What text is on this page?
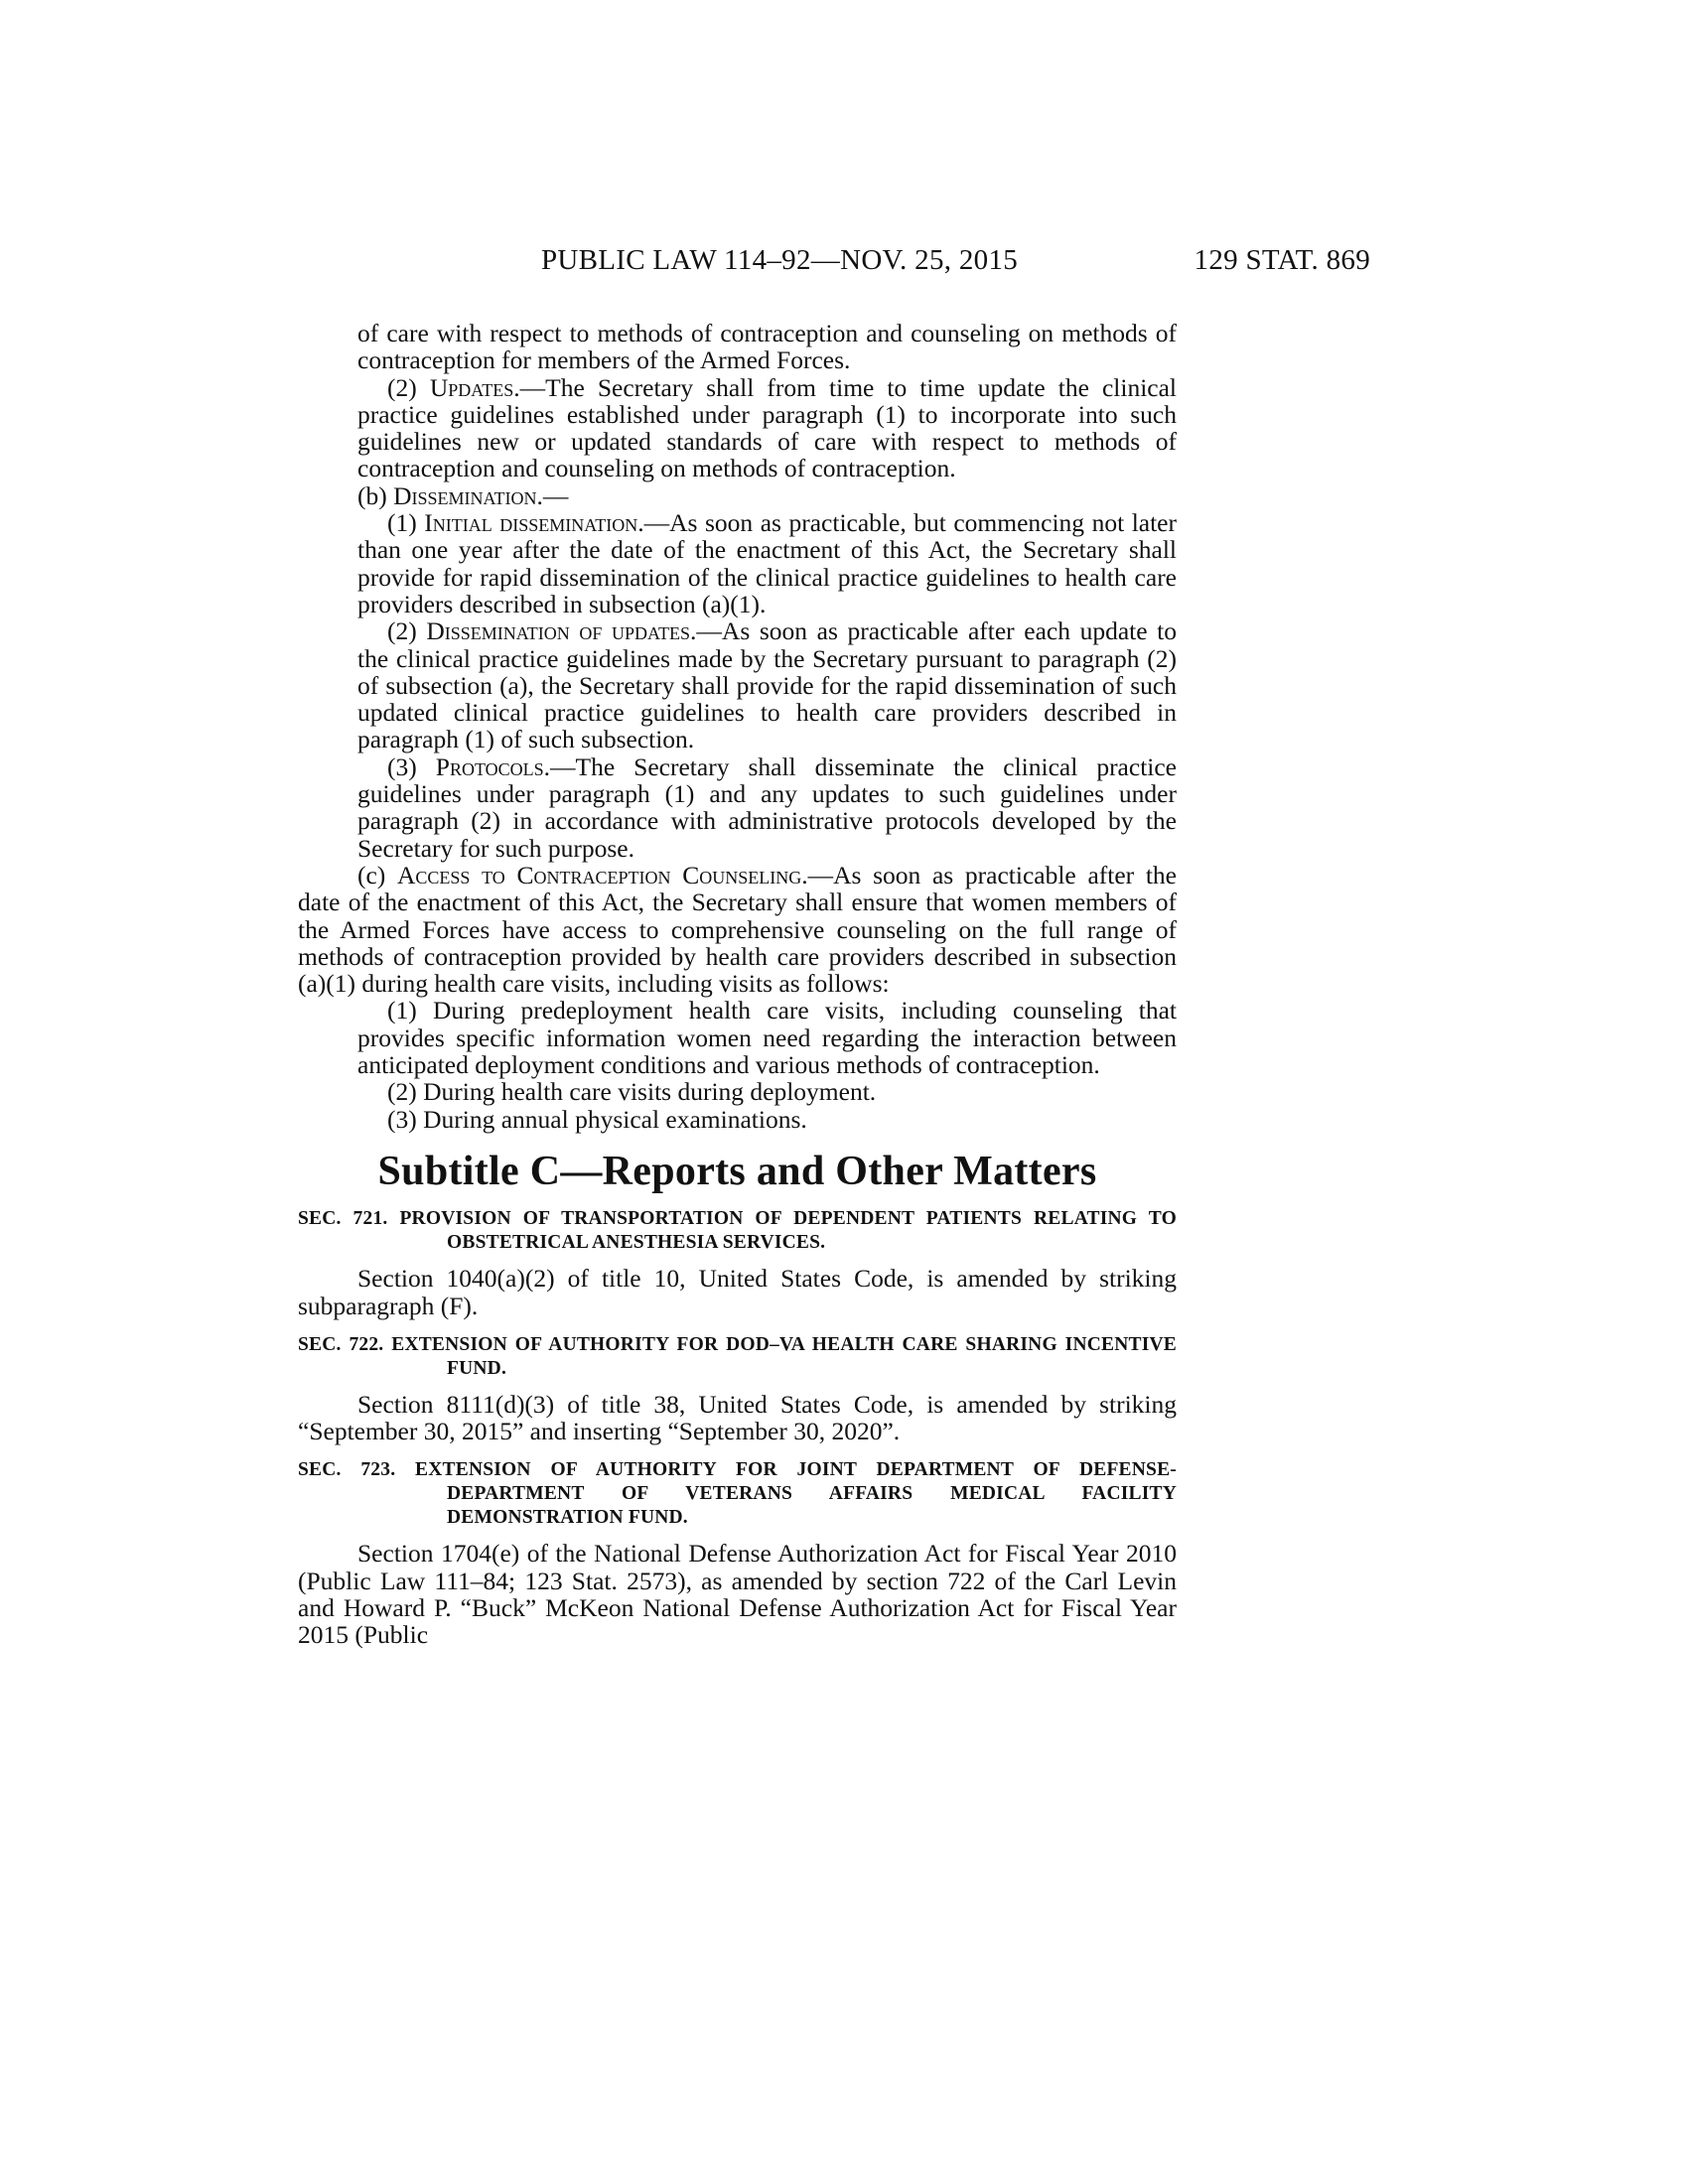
PUBLIC LAW 114–92—NOV. 25, 2015	129 STAT. 869

of care with respect to methods of contraception and counseling on methods of contraception for members of the Armed Forces.

(2) Updates.—The Secretary shall from time to time update the clinical practice guidelines established under paragraph (1) to incorporate into such guidelines new or updated standards of care with respect to methods of contraception and counseling on methods of contraception.

(b) Dissemination.—

(1) Initial dissemination.—As soon as practicable, but commencing not later than one year after the date of the enactment of this Act, the Secretary shall provide for rapid dissemination of the clinical practice guidelines to health care providers described in subsection (a)(1).

(2) Dissemination of updates.—As soon as practicable after each update to the clinical practice guidelines made by the Secretary pursuant to paragraph (2) of subsection (a), the Secretary shall provide for the rapid dissemination of such updated clinical practice guidelines to health care providers described in paragraph (1) of such subsection.

(3) Protocols.—The Secretary shall disseminate the clinical practice guidelines under paragraph (1) and any updates to such guidelines under paragraph (2) in accordance with administrative protocols developed by the Secretary for such purpose.

(c) Access to Contraception Counseling.—As soon as practicable after the date of the enactment of this Act, the Secretary shall ensure that women members of the Armed Forces have access to comprehensive counseling on the full range of methods of contraception provided by health care providers described in subsection (a)(1) during health care visits, including visits as follows:

(1) During predeployment health care visits, including counseling that provides specific information women need regarding the interaction between anticipated deployment conditions and various methods of contraception.

(2) During health care visits during deployment.

(3) During annual physical examinations.

Subtitle C—Reports and Other Matters
SEC. 721. PROVISION OF TRANSPORTATION OF DEPENDENT PATIENTS RELATING TO OBSTETRICAL ANESTHESIA SERVICES.

Section 1040(a)(2) of title 10, United States Code, is amended by striking subparagraph (F).

SEC. 722. EXTENSION OF AUTHORITY FOR DOD–VA HEALTH CARE SHARING INCENTIVE FUND.

Section 8111(d)(3) of title 38, United States Code, is amended by striking “September 30, 2015” and inserting “September 30, 2020”.

SEC. 723. EXTENSION OF AUTHORITY FOR JOINT DEPARTMENT OF DEFENSE-DEPARTMENT OF VETERANS AFFAIRS MEDICAL FACILITY DEMONSTRATION FUND.

Section 1704(e) of the National Defense Authorization Act for Fiscal Year 2010 (Public Law 111–84; 123 Stat. 2573), as amended by section 722 of the Carl Levin and Howard P. “Buck” McKeon National Defense Authorization Act for Fiscal Year 2015 (Public
